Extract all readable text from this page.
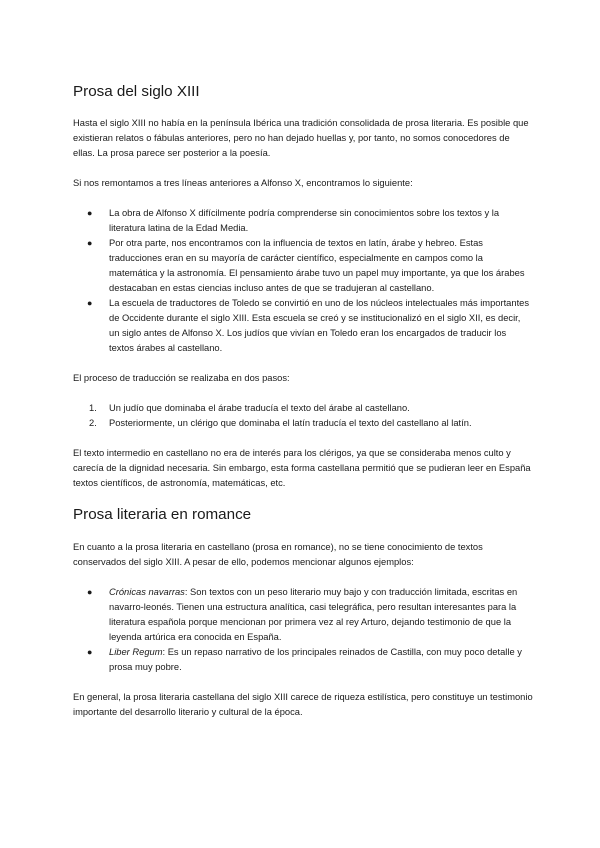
Prosa del siglo XIII

Hasta el siglo XIII no había en la península Ibérica una tradición consolidada de prosa literaria. Es posible que existieran relatos o fábulas anteriores, pero no han dejado huellas y, por tanto, no somos conocedores de ellas. La prosa parece ser posterior a la poesía.

Si nos remontamos a tres líneas anteriores a Alfonso X, encontramos lo siguiente:

●	La obra de Alfonso X difícilmente podría comprenderse sin conocimientos sobre los textos y la literatura latina de la Edad Media.
●	Por otra parte, nos encontramos con la influencia de textos en latín, árabe y hebreo. Estas traducciones eran en su mayoría de carácter científico, especialmente en campos como la matemática y la astronomía. El pensamiento árabe tuvo un papel muy importante, ya que los árabes destacaban en estas ciencias incluso antes de que se tradujeran al castellano.
●	La escuela de traductores de Toledo se convirtió en uno de los núcleos intelectuales más importantes de Occidente durante el siglo XIII. Esta escuela se creó y se institucionalizó en el siglo XII, es decir, un siglo antes de Alfonso X. Los judíos que vivían en Toledo eran los encargados de traducir los textos árabes al castellano.

El proceso de traducción se realizaba en dos pasos:

1.	Un judío que dominaba el árabe traducía el texto del árabe al castellano.
2.	Posteriormente, un clérigo que dominaba el latín traducía el texto del castellano al latín.

El texto intermedio en castellano no era de interés para los clérigos, ya que se consideraba menos culto y carecía de la dignidad necesaria. Sin embargo, esta forma castellana permitió que se pudieran leer en España textos científicos, de astronomía, matemáticas, etc.

Prosa literaria en romance

En cuanto a la prosa literaria en castellano (prosa en romance), no se tiene conocimiento de textos conservados del siglo XIII. A pesar de ello, podemos mencionar algunos ejemplos:

●	Crónicas navarras: Son textos con un peso literario muy bajo y con traducción limitada, escritas en navarro-leonés. Tienen una estructura analítica, casi telegráfica, pero resultan interesantes para la literatura española porque mencionan por primera vez al rey Arturo, dejando testimonio de que la leyenda artúrica era conocida en España.
●	Liber Regum: Es un repaso narrativo de los principales reinados de Castilla, con muy poco detalle y prosa muy pobre.

En general, la prosa literaria castellana del siglo XIII carece de riqueza estilística, pero constituye un testimonio importante del desarrollo literario y cultural de la época.
